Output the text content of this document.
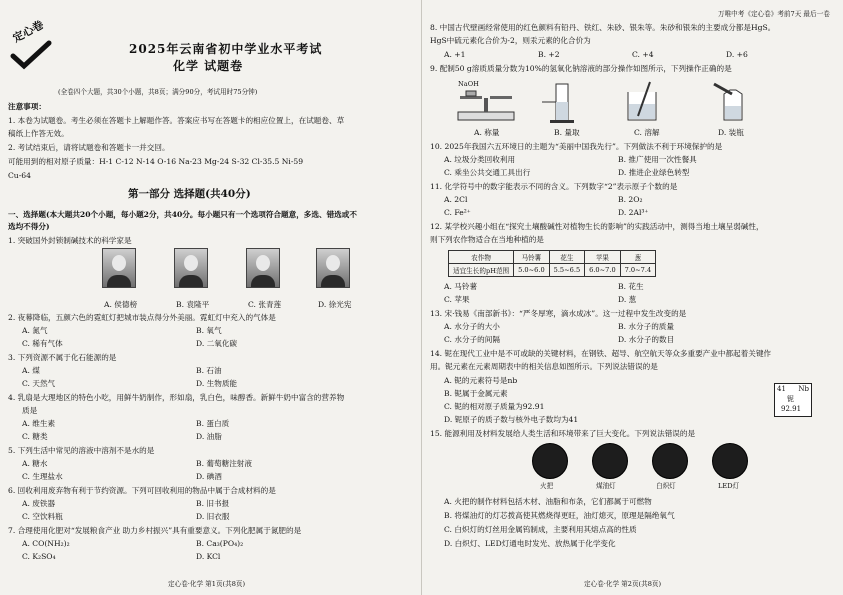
定心卷
2025年云南省初中学业水平考试
化学 试题卷
(全卷四个大题，共30个小题，共8页；满分90分，考试用时75分钟)
注意事项：
1. 本卷为试题卷。考生必须在答题卡上解题作答。答案应书写在答题卡的相应位置上，在试题卷、草
稿纸上作答无效。
2. 考试结束后，请将试题卷和答题卡一并交回。
可能用到的相对原子质量：H-1 C-12 N-14 O-16 Na-23 Mg-24 S-32 Cl-35.5 Ni-59
Cu-64
第一部分 选择题(共40分)
一、选择题(本大题共20个小题，每小题2分，共40分。每小题只有一个选项符合题意，多选、错选或不
选均不得分)
1. 突破国外封锁制碱技术的科学家是
A. 侯德榜	B. 袁隆平	C. 张青莲	D. 徐光宪
2. 夜幕降临，五颜六色的霓虹灯把城市装点得分外美丽。霓虹灯中充入的气体是
A. 氮气	B. 氧气
C. 稀有气体	D. 二氧化碳
3. 下列资源不属于化石能源的是
A. 煤	B. 石油
C. 天然气	D. 生物质能
4. 乳扇是大理地区的特色小吃，用鲜牛奶制作，形如扇，乳白色，味醇香。新鲜牛奶中富含的营养物
质是
A. 维生素	B. 蛋白质
C. 糖类	D. 油脂
5. 下列生活中常见的溶液中溶剂不是水的是
A. 糖水	B. 葡萄糖注射液
C. 生理盐水	D. 碘酒
6. 回收利用废弃物有利于节约资源。下列可回收利用的物品中属于合成材料的是
A. 废铁器	B. 旧书报
C. 空饮料瓶	D. 旧衣服
7. 合理使用化肥对“发展粮食产业 助力乡村振兴”具有重要意义。下列化肥属于氮肥的是
A. CO(NH₂)₂	B. Ca₃(PO₄)₂
C. K₂SO₄	D. KCl
定心卷·化学 第1页(共8页)
万唯中考《定心卷》考前7天 最后一卷
8. 中国古代壁画经常使用的红色颜料有铅丹、铁红、朱砂、银朱等。朱砂和银朱的主要成分都是HgS。
HgS中硫元素化合价为-2，则汞元素的化合价为
A. +1	B. +2	C. +4	D. +6
9. 配制50 g溶质质量分数为10%的氢氧化钠溶液的部分操作如图所示，下列操作正确的是
NaOH
A. 称量	B. 量取	C. 溶解	D. 装瓶
10. 2025年我国六五环境日的主题为“美丽中国我先行”。下列做法不利于环境保护的是
A. 垃圾分类回收利用	B. 推广使用一次性餐具
C. 乘坐公共交通工具出行	D. 推进企业绿色转型
11. 化学符号中的数字能表示不同的含义。下列数字“2”表示原子个数的是
A. 2Cl	B. 2O₂
C. Fe²⁺	D. 2Al³⁺
12. 某学校兴趣小组在“探究土壤酸碱性对植物生长的影响”的实践活动中，测得当地土壤呈弱碱性，
则下列农作物适合在当地种植的是
农作物	马铃薯	花生	苹果	葱
适宜生长的pH范围	5.0~6.0	5.5~6.5	6.0~7.0	7.0~7.4
A. 马铃薯	B. 花生
C. 苹果	D. 葱
13. 宋·钱易《南部新书》：“严冬厚寒，滴水成冰”。这一过程中发生改变的是
A. 水分子的大小	B. 水分子的质量
C. 水分子的间隔	D. 水分子的数目
14. 铌在现代工业中是不可或缺的关键材料，在钢铁、超导、航空航天等众多重要产业中都起着关键作
用。铌元素在元素周期表中的相关信息如图所示。下列说法错误的是
A. 铌的元素符号是nb
B. 铌属于金属元素
C. 铌的相对原子质量为92.91
D. 铌原子的质子数与核外电子数均为41
41 Nb
铌
92.91
15. 能源利用及材料发展给人类生活和环境带来了巨大变化。下列说法错误的是
火把	煤油灯	白炽灯	LED灯
A. 火把的制作材料包括木材、油脂和布条，它们都属于可燃物
B. 将煤油灯的灯芯拨高使其燃烧得更旺，油灯熄灭，原理是隔绝氧气
C. 白炽灯的灯丝用金属钨制成，主要利用其熔点高的性质
D. 白炽灯、LED灯通电时发光、放热属于化学变化
定心卷·化学 第2页(共8页)
